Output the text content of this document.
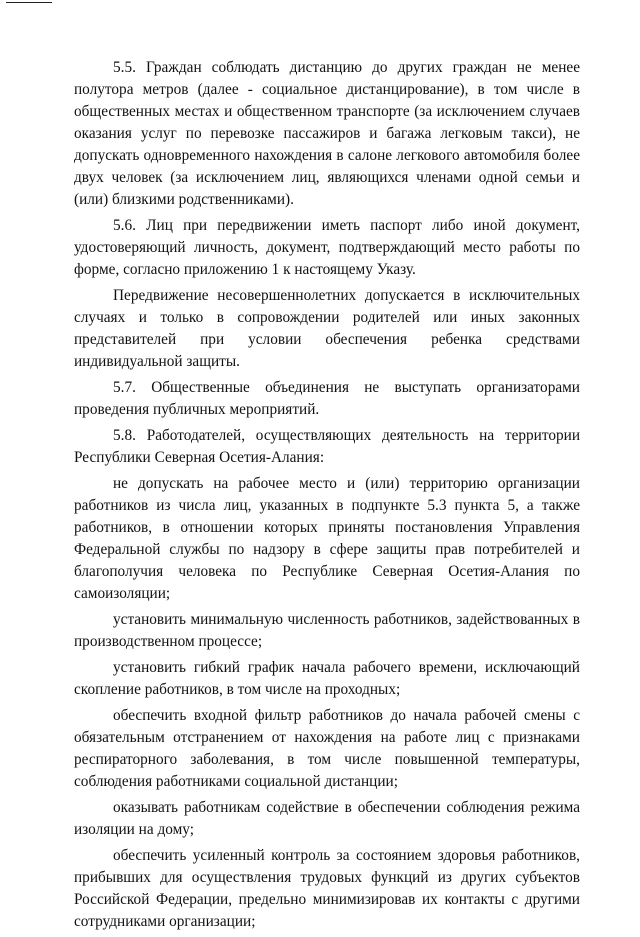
5.5. Граждан соблюдать дистанцию до других граждан не менее полутора метров (далее - социальное дистанцирование), в том числе в общественных местах и общественном транспорте (за исключением случаев оказания услуг по перевозке пассажиров и багажа легковым такси), не допускать одновременного нахождения в салоне легкового автомобиля более двух человек (за исключением лиц, являющихся членами одной семьи и (или) близкими родственниками).

5.6. Лиц при передвижении иметь паспорт либо иной документ, удостоверяющий личность, документ, подтверждающий место работы по форме, согласно приложению 1 к настоящему Указу.

Передвижение несовершеннолетних допускается в исключительных случаях и только в сопровождении родителей или иных законных представителей при условии обеспечения ребенка средствами индивидуальной защиты.

5.7. Общественные объединения не выступать организаторами проведения публичных мероприятий.

5.8. Работодателей, осуществляющих деятельность на территории Республики Северная Осетия-Алания:

не допускать на рабочее место и (или) территорию организации работников из числа лиц, указанных в подпункте 5.3 пункта 5, а также работников, в отношении которых приняты постановления Управления Федеральной службы по надзору в сфере защиты прав потребителей и благополучия человека по Республике Северная Осетия-Алания по самоизоляции;

установить минимальную численность работников, задействованных в производственном процессе;

установить гибкий график начала рабочего времени, исключающий скопление работников, в том числе на проходных;

обеспечить входной фильтр работников до начала рабочей смены с обязательным отстранением от нахождения на работе лиц с признаками респираторного заболевания, в том числе повышенной температуры, соблюдения работниками социальной дистанции;

оказывать работникам содействие в обеспечении соблюдения режима изоляции на дому;

обеспечить усиленный контроль за состоянием здоровья работников, прибывших для осуществления трудовых функций из других субъектов Российской Федерации, предельно минимизировав их контакты с другими сотрудниками организации;
